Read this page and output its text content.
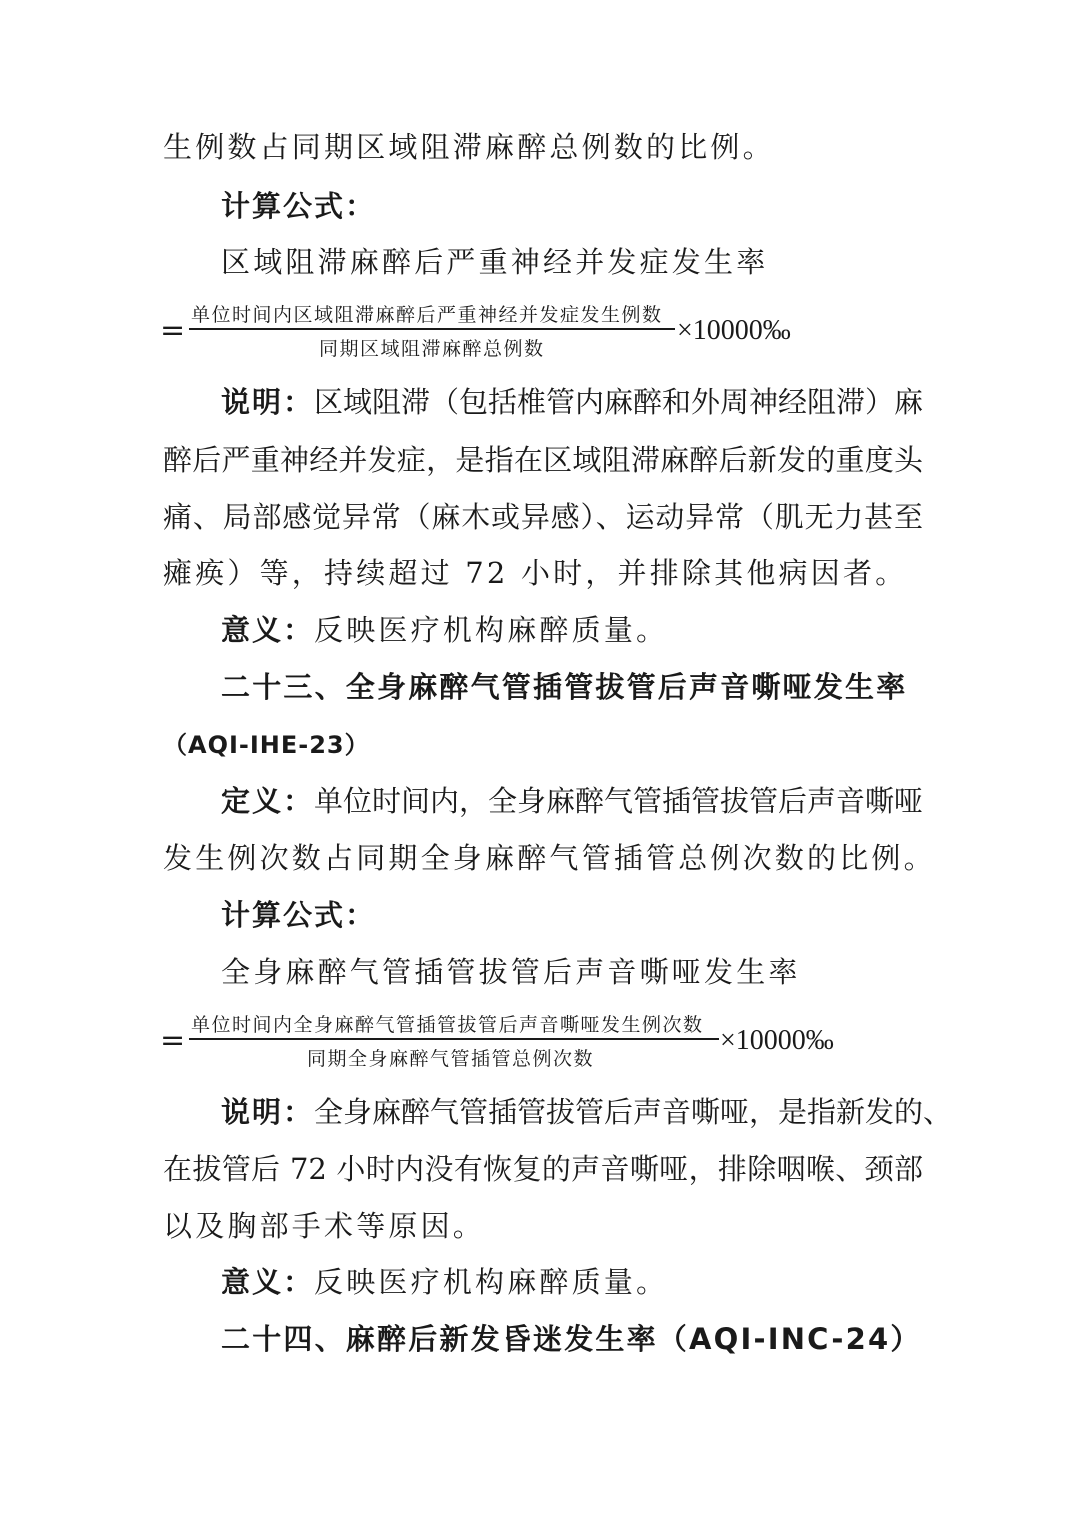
生例数占同期区域阻滞麻醉总例数的比例。
计算公式：
区域阻滞麻醉后严重神经并发症发生率
= 单位时间内区域阻滞麻醉后严重神经并发症发生例数
同期区域阻滞麻醉总例数
×10000‰
说明：区域阻滞（包括椎管内麻醉和外周神经阻滞）麻
醉后严重神经并发症，是指在区域阻滞麻醉后新发的重度头
痛、局部感觉异常（麻木或异感）、运动异常（肌无力甚至
瘫痪）等，持续超过 72 小时，并排除其他病因者。
意义：反映医疗机构麻醉质量。
二十三、全身麻醉气管插管拔管后声音嘶哑发生率
（AQI-IHE-23）
定义：单位时间内，全身麻醉气管插管拔管后声音嘶哑
发生例次数占同期全身麻醉气管插管总例次数的比例。
计算公式：
全身麻醉气管插管拔管后声音嘶哑发生率
= 单位时间内全身麻醉气管插管拔管后声音嘶哑发生例次数
同期全身麻醉气管插管总例次数
×10000‰
说明：全身麻醉气管插管拔管后声音嘶哑，是指新发的、
在拔管后 72 小时内没有恢复的声音嘶哑，排除咽喉、颈部
以及胸部手术等原因。
意义：反映医疗机构麻醉质量。
二十四、麻醉后新发昏迷发生率（AQI-INC-24）
